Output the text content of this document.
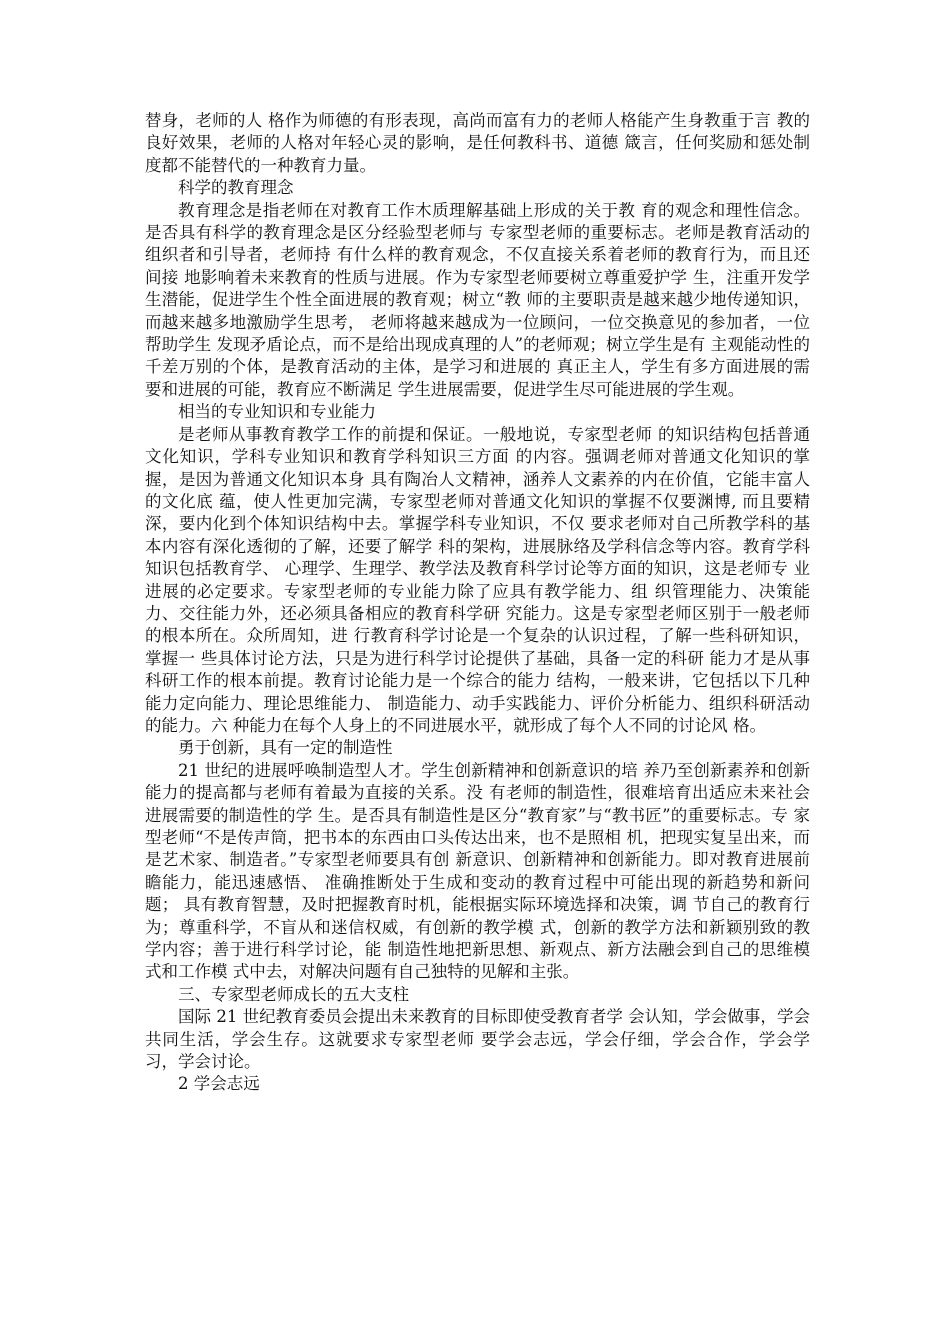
替身，老师的人 格作为师德的有形表现，高尚而富有力的老师人格能产生身教重于言 教的良好效果，老师的人格对年轻心灵的影响，是任何教科书、道德 箴言，任何奖励和惩处制度都不能替代的一种教育力量。

科学的教育理念

教育理念是指老师在对教育工作木质理解基础上形成的关于教 育的观念和理性信念。是否具有科学的教育理念是区分经验型老师与 专家型老师的重要标志。老师是教育活动的组织者和引导者，老师持 有什么样的教育观念，不仅直接关系着老师的教育行为，而且还间接 地影响着未来教育的性质与进展。作为专家型老师要树立尊重爱护学 生，注重开发学生潜能，促进学生个性全面进展的教育观；树立“教 师的主要职责是越来越少地传递知识，而越来越多地激励学生思考， 老师将越来越成为一位顾问，一位交换意见的参加者，一位帮助学生 发现矛盾论点，而不是给出现成真理的人”的老师观；树立学生是有 主观能动性的千差万别的个体，是教育活动的主体，是学习和进展的 真正主人，学生有多方面进展的需要和进展的可能，教育应不断满足 学生进展需要，促进学生尽可能进展的学生观。

相当的专业知识和专业能力

是老师从事教育教学工作的前提和保证。一般地说，专家型老师 的知识结构包括普通文化知识，学科专业知识和教育学科知识三方面 的内容。强调老师对普通文化知识的掌握，是因为普通文化知识本身 具有陶冶人文精神，涵养人文素养的内在价值，它能丰富人的文化底 蕴，使人性更加完满，专家型老师对普通文化知识的掌握不仅要渊博, 而且要精深，要内化到个体知识结构中去。掌握学科专业知识，不仅 要求老师对自己所教学科的基本内容有深化透彻的了解，还要了解学 科的架构，进展脉络及学科信念等内容。教育学科知识包括教育学、 心理学、生理学、教学法及教育科学讨论等方面的知识，这是老师专 业进展的必定要求。专家型老师的专业能力除了应具有教学能力、组 织管理能力、决策能力、交往能力外，还必须具备相应的教育科学研 究能力。这是专家型老师区别于一般老师的根本所在。众所周知，进 行教育科学讨论是一个复杂的认识过程，了解一些科研知识，掌握一 些具体讨论方法，只是为进行科学讨论提供了基础，具备一定的科研 能力才是从事科研工作的根本前提。教育讨论能力是一个综合的能力 结构，一般来讲，它包括以下几种能力定向能力、理论思维能力、 制造能力、动手实践能力、评价分析能力、组织科研活动的能力。六 种能力在每个人身上的不同进展水平，就形成了每个人不同的讨论风 格。

勇于创新，具有一定的制造性

21 世纪的进展呼唤制造型人才。学生创新精神和创新意识的培 养乃至创新素养和创新能力的提高都与老师有着最为直接的关系。没 有老师的制造性，很难培育出适应未来社会进展需要的制造性的学 生。是否具有制造性是区分“教育家”与“教书匠”的重要标志。专 家型老师“不是传声筒，把书本的东西由口头传达出来，也不是照相 机，把现实复呈出来，而是艺术家、制造者。”专家型老师要具有创 新意识、创新精神和创新能力。即对教育进展前瞻能力，能迅速感悟、 准确推断处于生成和变动的教育过程中可能出现的新趋势和新问题； 具有教育智慧，及时把握教育时机，能根据实际环境选择和决策，调 节自己的教育行为；尊重科学，不盲从和迷信权威，有创新的教学模 式，创新的教学方法和新颖别致的教学内容；善于进行科学讨论，能 制造性地把新思想、新观点、新方法融会到自己的思维模式和工作模 式中去，对解决问题有自己独特的见解和主张。

三、专家型老师成长的五大支柱

国际 21 世纪教育委员会提出未来教育的目标即使受教育者学 会认知，学会做事，学会共同生活，学会生存。这就要求专家型老师 要学会志远，学会仔细，学会合作，学会学习，学会讨论。

2 学会志远
